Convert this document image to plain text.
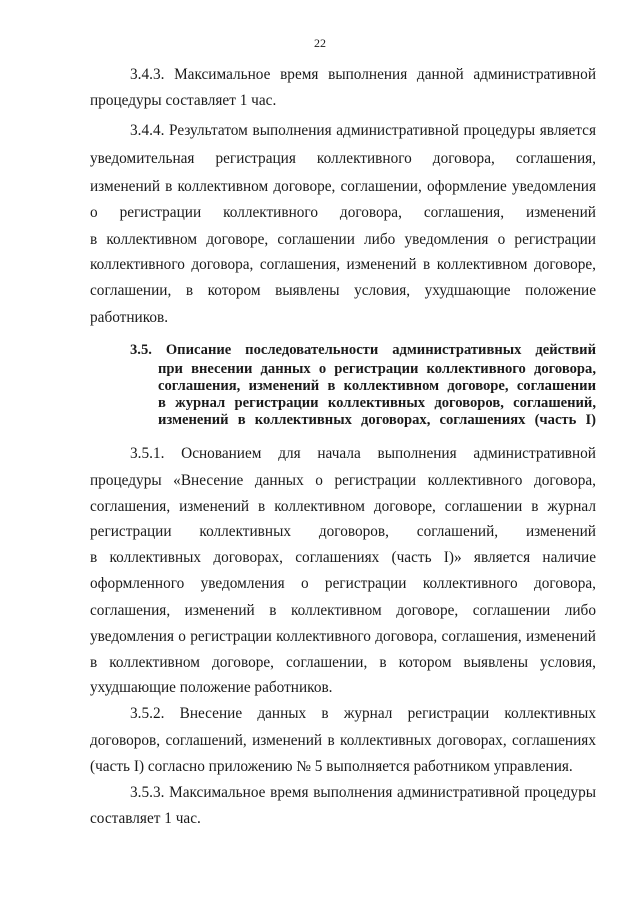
22
3.4.3. Максимальное время выполнения данной административной
процедуры составляет 1 час.
3.4.4. Результатом выполнения административной процедуры является
уведомительная регистрация коллективного договора, соглашения,
изменений в коллективном договоре, соглашении, оформление уведомления
о регистрации коллективного договора, соглашения, изменений
в коллективном договоре, соглашении либо уведомления о регистрации
коллективного договора, соглашения, изменений в коллективном договоре,
соглашении, в котором выявлены условия, ухудшающие положение
работников.
3.5. Описание последовательности административных действий
при внесении данных о регистрации коллективного договора,
соглашения, изменений в коллективном договоре, соглашении
в журнал регистрации коллективных договоров, соглашений,
изменений в коллективных договорах, соглашениях (часть I)
3.5.1. Основанием для начала выполнения административной
процедуры «Внесение данных о регистрации коллективного договора,
соглашения, изменений в коллективном договоре, соглашении в журнал
регистрации коллективных договоров, соглашений, изменений
в коллективных договорах, соглашениях (часть I)» является наличие
оформленного уведомления о регистрации коллективного договора,
соглашения, изменений в коллективном договоре, соглашении либо
уведомления о регистрации коллективного договора, соглашения, изменений
в коллективном договоре, соглашении, в котором выявлены условия,
ухудшающие положение работников.
3.5.2. Внесение данных в журнал регистрации коллективных
договоров, соглашений, изменений в коллективных договорах, соглашениях
(часть I) согласно приложению № 5 выполняется работником управления.
3.5.3. Максимальное время выполнения административной процедуры
составляет 1 час.
